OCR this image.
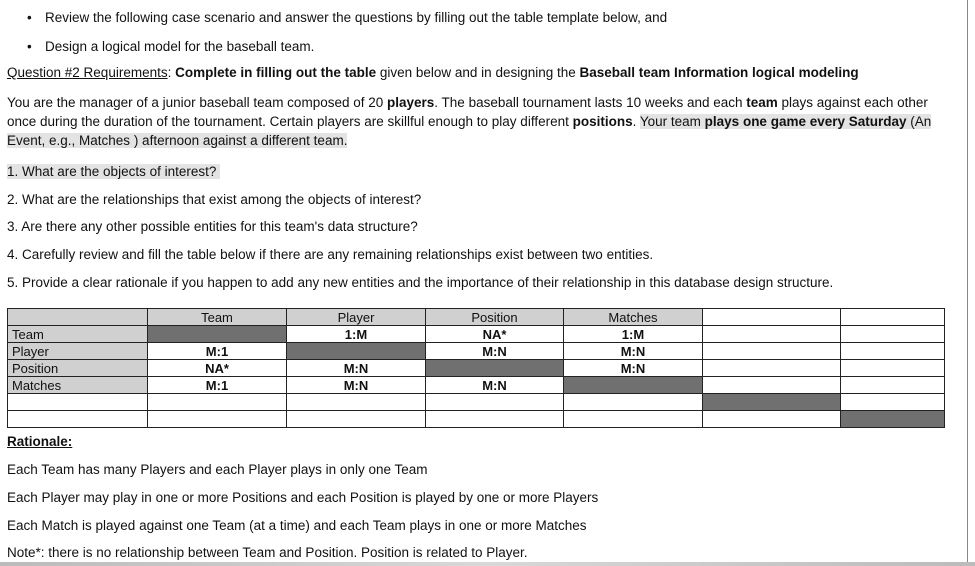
• Review the following case scenario and answer the questions by filling out the table template below, and
• Design a logical model for the baseball team.
Question #2 Requirements: Complete in filling out the table given below and in designing the Baseball team Information logical modeling
You are the manager of a junior baseball team composed of 20 players. The baseball tournament lasts 10 weeks and each team plays against each other once during the duration of the tournament. Certain players are skillful enough to play different positions. Your team plays one game every Saturday (An Event, e.g., Matches ) afternoon against a different team.
1. What are the objects of interest?
2. What are the relationships that exist among the objects of interest?
3. Are there any other possible entities for this team's data structure?
4. Carefully review and fill the table below if there are any remaining relationships exist between two entities.
5. Provide a clear rationale if you happen to add any new entities and the importance of their relationship in this database design structure.
	Team	Player	Position	Matches		
Team		1:M	NA*	1:M		
Player	M:1		M:N	M:N		
Position	NA*	M:N		M:N		
Matches	M:1	M:N	M:N			

Rationale:
Each Team has many Players and each Player plays in only one Team
Each Player may play in one or more Positions and each Position is played by one or more Players
Each Match is played against one Team (at a time) and each Team plays in one or more Matches
Note*: there is no relationship between Team and Position. Position is related to Player.
